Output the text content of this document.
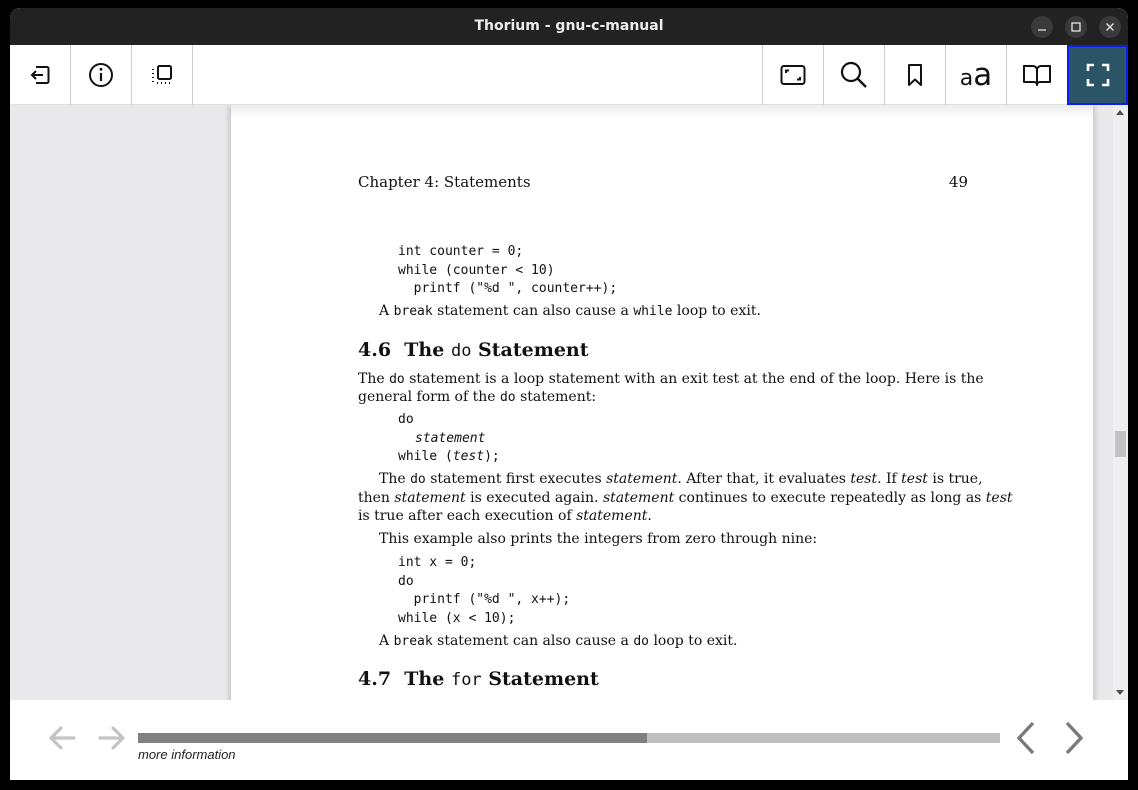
Thorium - gnu-c-manual
aa
Chapter 4: Statements	49
int counter = 0;
while (counter < 10)
printf ("%d ", counter++);
A break statement can also cause a while loop to exit.
4.6 The do Statement
The do statement is a loop statement with an exit test at the end of the loop. Here is the
general form of the do statement:
do
statement
while (test);
The do statement first executes statement. After that, it evaluates test. If test is true,
then statement is executed again. statement continues to execute repeatedly as long as test
is true after each execution of statement.
This example also prints the integers from zero through nine:
int x = 0;
do
printf ("%d ", x++);
while (x < 10);
A break statement can also cause a do loop to exit.
4.7 The for Statement
more information
